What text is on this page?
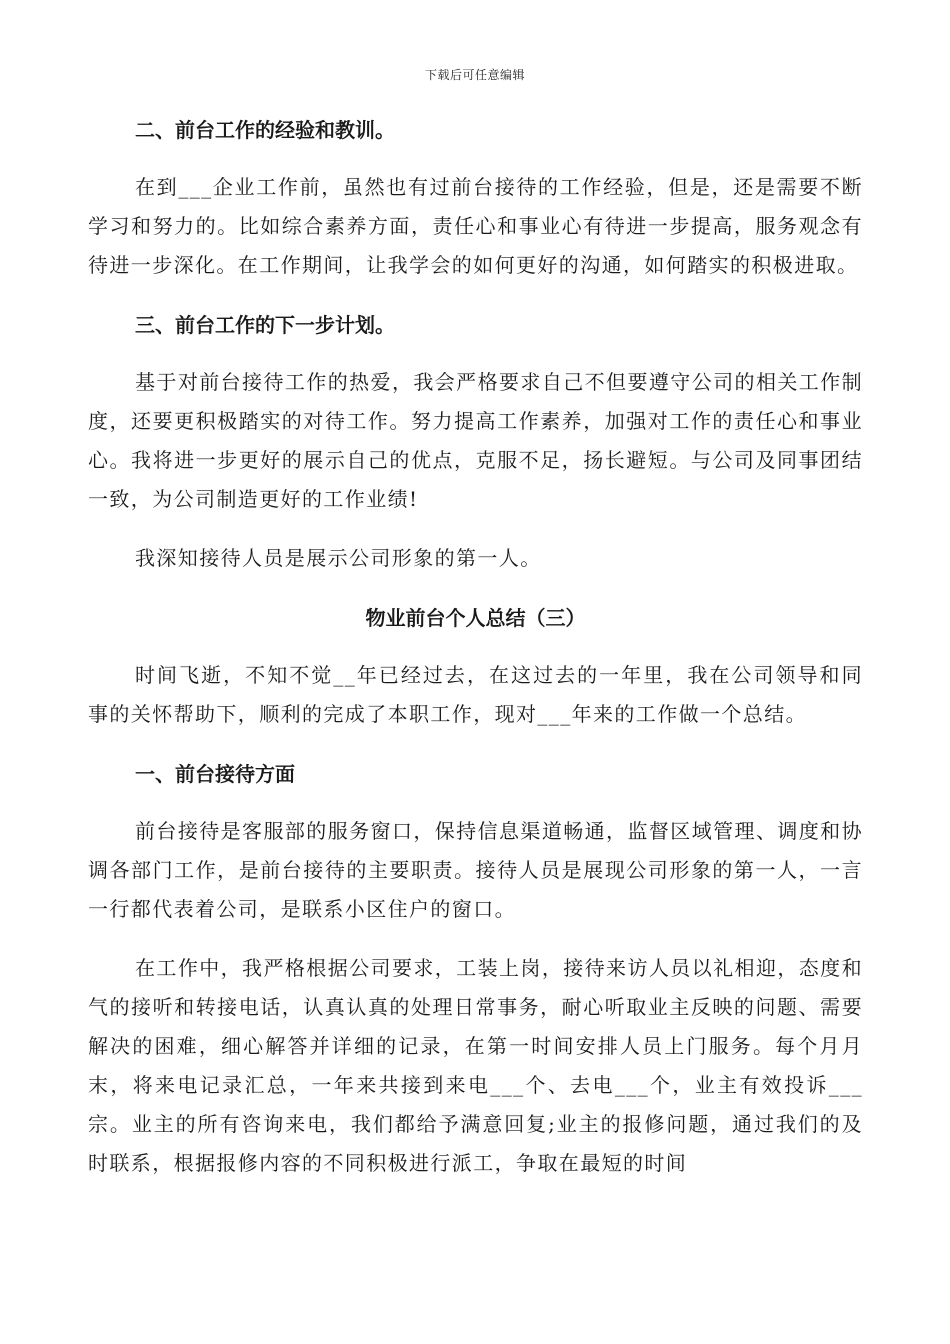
下载后可任意编辑
二、前台工作的经验和教训。

在到___企业工作前，虽然也有过前台接待的工作经验，但是，还是需要不断学习和努力的。比如综合素养方面，责任心和事业心有待进一步提高，服务观念有待进一步深化。在工作期间，让我学会的如何更好的沟通，如何踏实的积极进取。

三、前台工作的下一步计划。

基于对前台接待工作的热爱，我会严格要求自己不但要遵守公司的相关工作制度，还要更积极踏实的对待工作。努力提高工作素养，加强对工作的责任心和事业心。我将进一步更好的展示自己的优点，克服不足，扬长避短。与公司及同事团结一致，为公司制造更好的工作业绩!

我深知接待人员是展示公司形象的第一人。

物业前台个人总结（三）

时间飞逝，不知不觉__年已经过去，在这过去的一年里，我在公司领导和同事的关怀帮助下，顺利的完成了本职工作，现对___年来的工作做一个总结。

一、前台接待方面

前台接待是客服部的服务窗口，保持信息渠道畅通，监督区域管理、调度和协调各部门工作，是前台接待的主要职责。接待人员是展现公司形象的第一人，一言一行都代表着公司，是联系小区住户的窗口。

在工作中，我严格根据公司要求，工装上岗，接待来访人员以礼相迎，态度和气的接听和转接电话，认真认真的处理日常事务，耐心听取业主反映的问题、需要解决的困难，细心解答并详细的记录，在第一时间安排人员上门服务。每个月月末，将来电记录汇总，一年来共接到来电___个、去电___个，业主有效投诉___宗。业主的所有咨询来电，我们都给予满意回复;业主的报修问题，通过我们的及时联系，根据报修内容的不同积极进行派工，争取在最短的时间
